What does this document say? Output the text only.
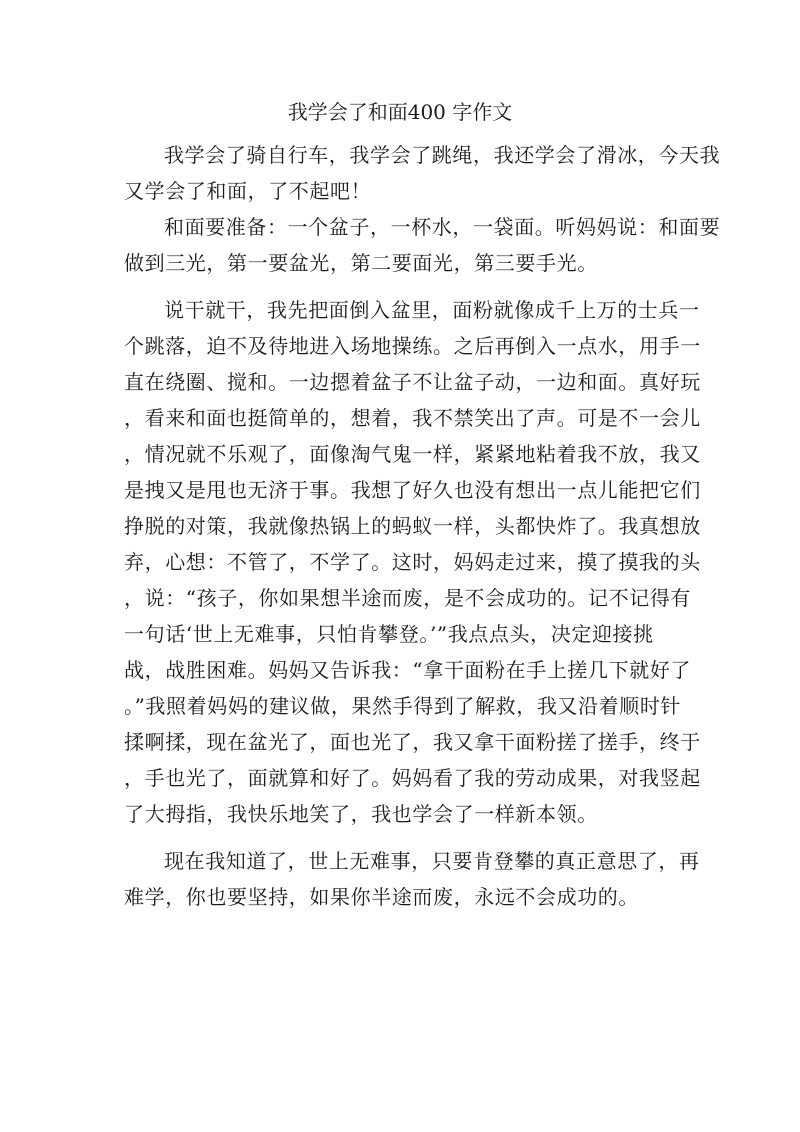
我学会了和面400 字作文
我学会了骑自行车，我学会了跳绳，我还学会了滑冰，今天我
又学会了和面，了不起吧！
和面要准备：一个盆子，一杯水，一袋面。听妈妈说：和面要
做到三光，第一要盆光，第二要面光，第三要手光。
说干就干，我先把面倒入盆里，面粉就像成千上万的士兵一
个跳落，迫不及待地进入场地操练。之后再倒入一点水，用手一
直在绕圈、搅和。一边摁着盆子不让盆子动，一边和面。真好玩
，看来和面也挺简单的，想着，我不禁笑出了声。可是不一会儿
，情况就不乐观了，面像淘气鬼一样，紧紧地粘着我不放，我又
是拽又是甩也无济于事。我想了好久也没有想出一点儿能把它们
挣脱的对策，我就像热锅上的蚂蚁一样，头都快炸了。我真想放
弃，心想：不管了，不学了。这时，妈妈走过来，摸了摸我的头
，说：“孩子，你如果想半途而废，是不会成功的。记不记得有
一句话‘世上无难事，只怕肯攀登。’”我点点头，决定迎接挑
战，战胜困难。妈妈又告诉我：“拿干面粉在手上搓几下就好了
。”我照着妈妈的建议做，果然手得到了解救，我又沿着顺时针
揉啊揉，现在盆光了，面也光了，我又拿干面粉搓了搓手，终于
，手也光了，面就算和好了。妈妈看了我的劳动成果，对我竖起
了大拇指，我快乐地笑了，我也学会了一样新本领。
现在我知道了，世上无难事，只要肯登攀的真正意思了，再
难学，你也要坚持，如果你半途而废，永远不会成功的。
